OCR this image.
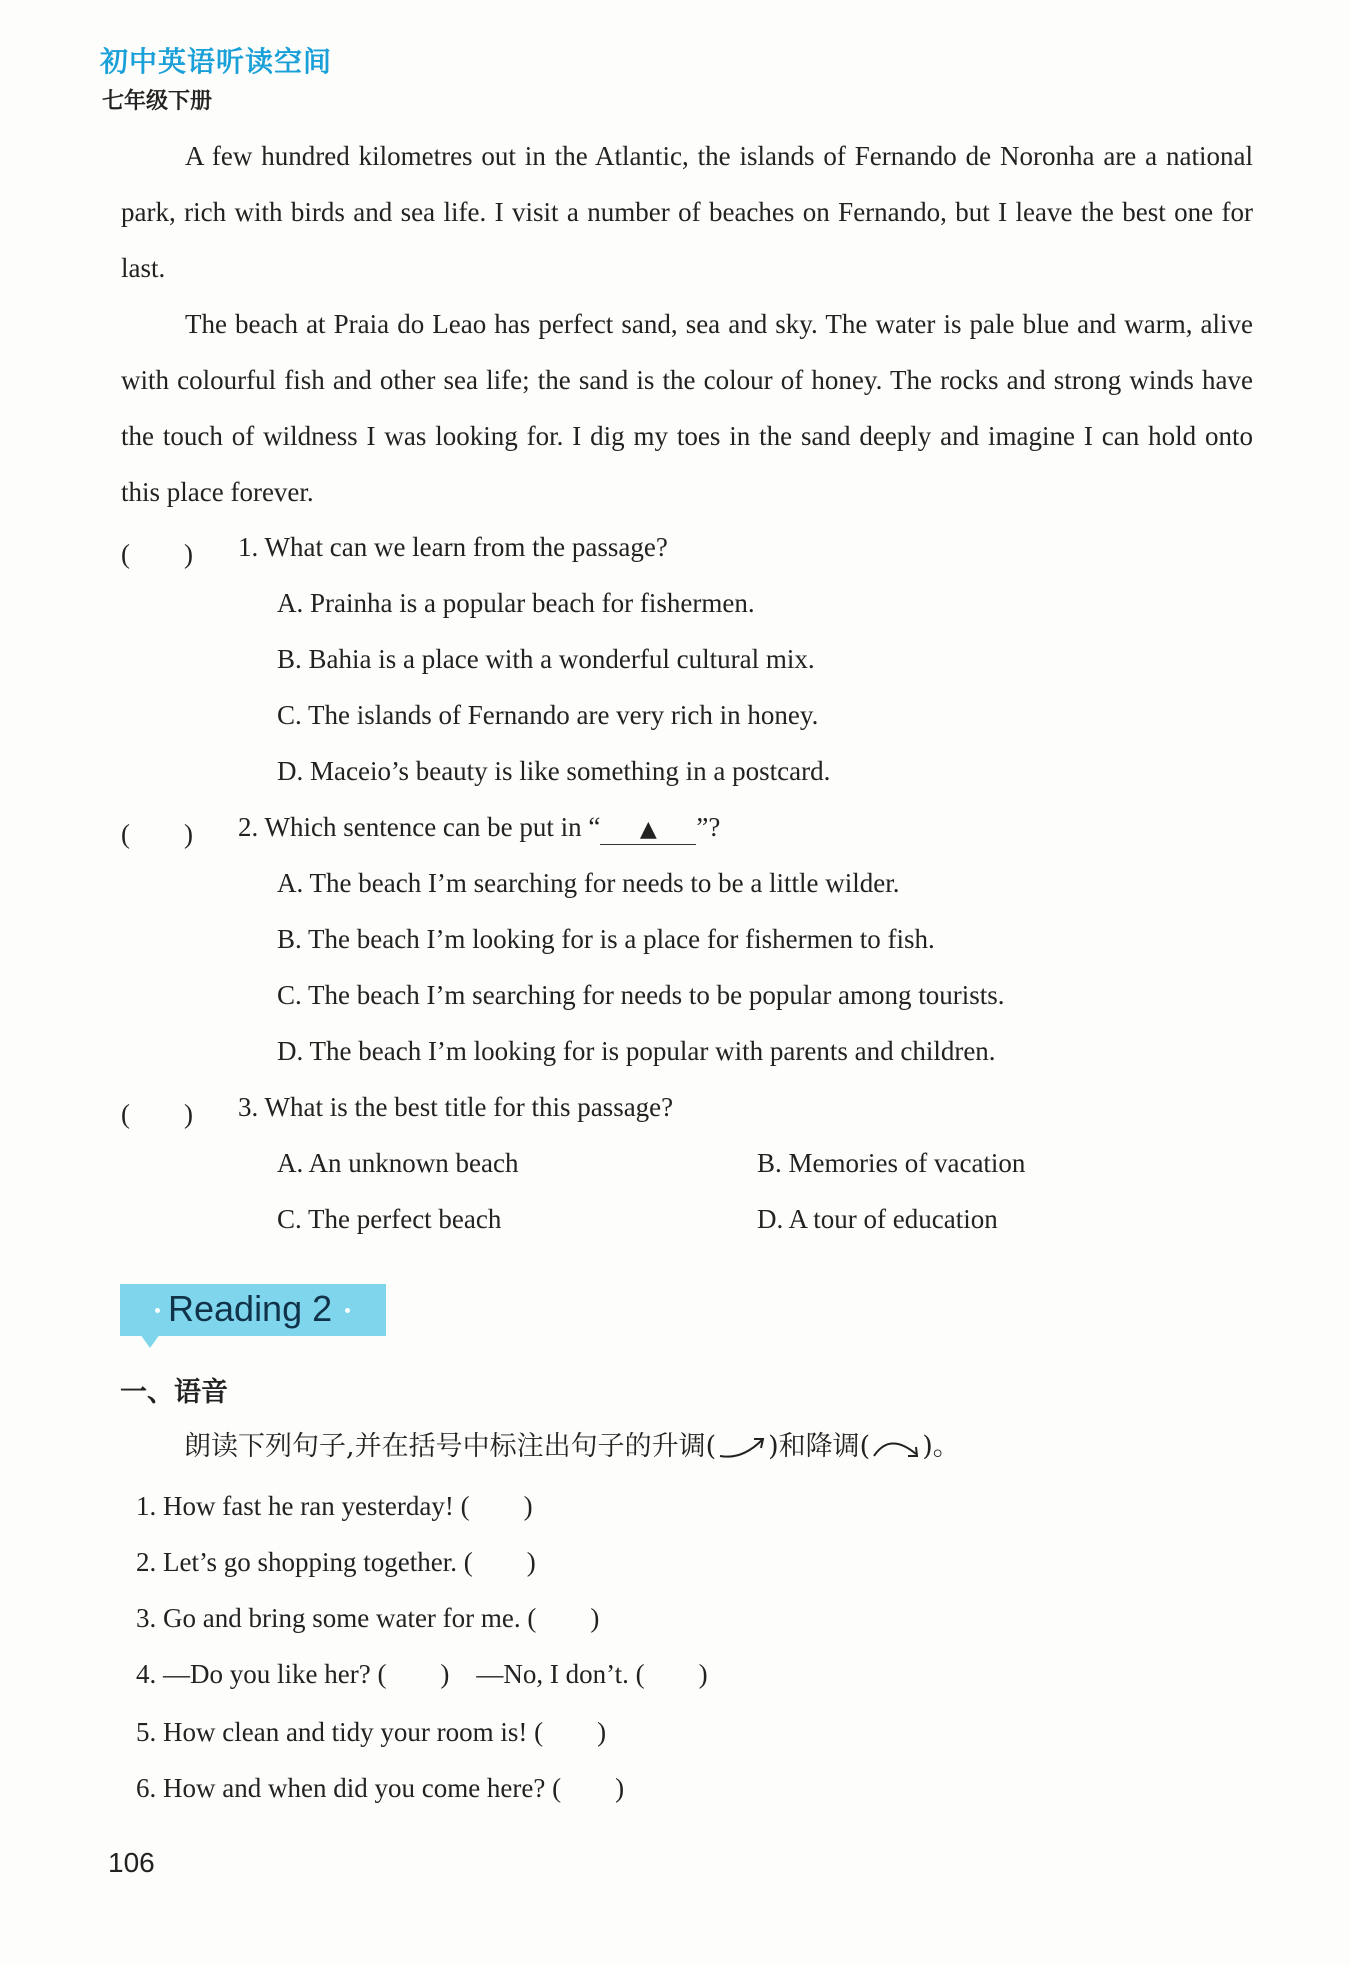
初中英语听读空间
七年级下册
A few hundred kilometres out in the Atlantic, the islands of Fernando de Noronha are a national park, rich with birds and sea life. I visit a number of beaches on Fernando, but I leave the best one for last.
The beach at Praia do Leao has perfect sand, sea and sky. The water is pale blue and warm, alive with colourful fish and other sea life; the sand is the colour of honey. The rocks and strong winds have the touch of wildness I was looking for. I dig my toes in the sand deeply and imagine I can hold onto this place forever.
(　　) 1. What can we learn from the passage?
A. Prainha is a popular beach for fishermen.
B. Bahia is a place with a wonderful cultural mix.
C. The islands of Fernando are very rich in honey.
D. Maceio’s beauty is like something in a postcard.
(　　) 2. Which sentence can be put in “ ▲ ”?
A. The beach I’m searching for needs to be a little wilder.
B. The beach I’m looking for is a place for fishermen to fish.
C. The beach I’m searching for needs to be popular among tourists.
D. The beach I’m looking for is popular with parents and children.
(　　) 3. What is the best title for this passage?
A. An unknown beach	B. Memories of vacation
C. The perfect beach	D. A tour of education
Reading 2
一、语音
朗读下列句子,并在括号中标注出句子的升调( )和降调( )。
1. How fast he ran yesterday! (　　)
2. Let’s go shopping together. (　　)
3. Go and bring some water for me. (　　)
4. —Do you like her? (　　)　—No, I don’t. (　　)
5. How clean and tidy your room is! (　　)
6. How and when did you come here? (　　)
106
